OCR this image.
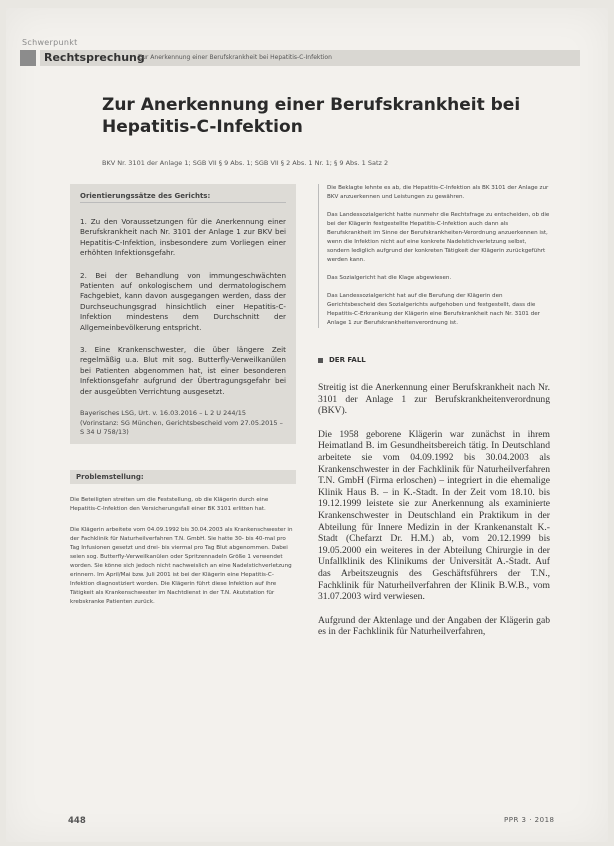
Schwerpunkt
Rechtsprechung
Zur Anerkennung einer Berufskrankheit bei Hepatitis-C-Infektion
Zur Anerkennung einer Berufskrankheit bei Hepatitis-C-Infektion
BKV Nr. 3101 der Anlage 1; SGB VII § 9 Abs. 1; SGB VII § 2 Abs. 1 Nr. 1; § 9 Abs. 1 Satz 2
Orientierungssätze des Gerichts:

1. Zu den Voraussetzungen für die Anerkennung einer Berufskrankheit nach Nr. 3101 der Anlage 1 zur BKV bei Hepatitis-C-Infektion, insbesondere zum Vorliegen einer erhöhten Infektionsgefahr.

2. Bei der Behandlung von immungeschwächten Patienten auf onkologischem und dermatologischem Fachgebiet, kann davon ausgegangen werden, dass der Durchseuchungsgrad hinsichtlich einer Hepatitis-C-Infektion mindestens dem Durchschnitt der Allgemeinbevölkerung entspricht.

3. Eine Krankenschwester, die über längere Zeit regelmäßig u.a. Blut mit sog. Butterfly-Verweilkanülen bei Patienten abgenommen hat, ist einer besonderen Infektionsgefahr aufgrund der Übertragungsgefahr bei der ausgeübten Verrichtung ausgesetzt.

Bayerisches LSG, Urt. v. 16.03.2016 – L 2 U 244/15 (Vorinstanz: SG München, Gerichtsbescheid vom 27.05.2015 – S 34 U 758/13)

Problemstellung:

Die Beteiligten streiten um die Feststellung, ob die Klägerin durch eine Hepatitis-C-Infektion den Versicherungsfall einer BK 3101 erlitten hat.

Die Klägerin arbeitete vom 04.09.1992 bis 30.04.2003 als Krankenschwester in der Fachklinik für Naturheilverfahren T.N. GmbH. Sie hatte 30- bis 40-mal pro Tag Infusionen gesetzt und drei- bis viermal pro Tag Blut abgenommen. Dabei seien sog. Butterfly-Verweilkanülen oder Spritzennadeln Größe 1 verwendet worden. Sie könne sich jedoch nicht nachweislich an eine Nadelstichverletzung erinnern. Im April/Mai bzw. Juli 2001 ist bei der Klägerin eine Hepatitis-C-Infektion diagnostiziert worden. Die Klägerin führt diese Infektion auf ihre Tätigkeit als Krankenschwester im Nachtdienst in der T.N. Akutstation für krebskranke Patienten zurück.

Die Beklagte lehnte es ab, die Hepatitis-C-Infektion als BK 3101 der Anlage zur BKV anzuerkennen und Leistungen zu gewähren.

Das Landessozialgericht hatte nunmehr die Rechtsfrage zu entscheiden, ob die bei der Klägerin festgestellte Hepatitis-C-Infektion auch dann als Berufskrankheit im Sinne der Berufskrankheiten-Verordnung anzuerkennen ist, wenn die Infektion nicht auf eine konkrete Nadelstichverletzung selbst, sondern lediglich aufgrund der konkreten Tätigkeit der Klägerin zurückgeführt werden kann.

Das Sozialgericht hat die Klage abgewiesen.

Das Landessozialgericht hat auf die Berufung der Klägerin den Gerichtsbescheid des Sozialgerichts aufgehoben und festgestellt, dass die Hepatitis-C-Erkrankung der Klägerin eine Berufskrankheit nach Nr. 3101 der Anlage 1 zur Berufskrankheitenverordnung ist.

DER FALL

Streitig ist die Anerkennung einer Berufskrankheit nach Nr. 3101 der Anlage 1 zur Berufskrankheitenverordnung (BKV).

Die 1958 geborene Klägerin war zunächst in ihrem Heimatland B. im Gesundheitsbereich tätig. In Deutschland arbeitete sie vom 04.09.1992 bis 30.04.2003 als Krankenschwester in der Fachklinik für Naturheilverfahren T.N. GmbH (Firma erloschen) – integriert in die ehemalige Klinik Haus B. – in K.-Stadt. In der Zeit vom 18.10. bis 19.12.1999 leistete sie zur Anerkennung als examinierte Krankenschwester in Deutschland ein Praktikum in der Abteilung für Innere Medizin in der Krankenanstalt K.-Stadt (Chefarzt Dr. H.M.) ab, vom 20.12.1999 bis 19.05.2000 ein weiteres in der Abteilung Chirurgie in der Unfallklinik des Klinikums der Universität A.-Stadt. Auf das Arbeitszeugnis des Geschäftsführers der T.N., Fachklinik für Naturheilverfahren der Klinik B.W.B., vom 31.07.2003 wird verwiesen.

Aufgrund der Aktenlage und der Angaben der Klägerin gab es in der Fachklinik für Naturheilverfahren,

448	PPR 3 · 2018
